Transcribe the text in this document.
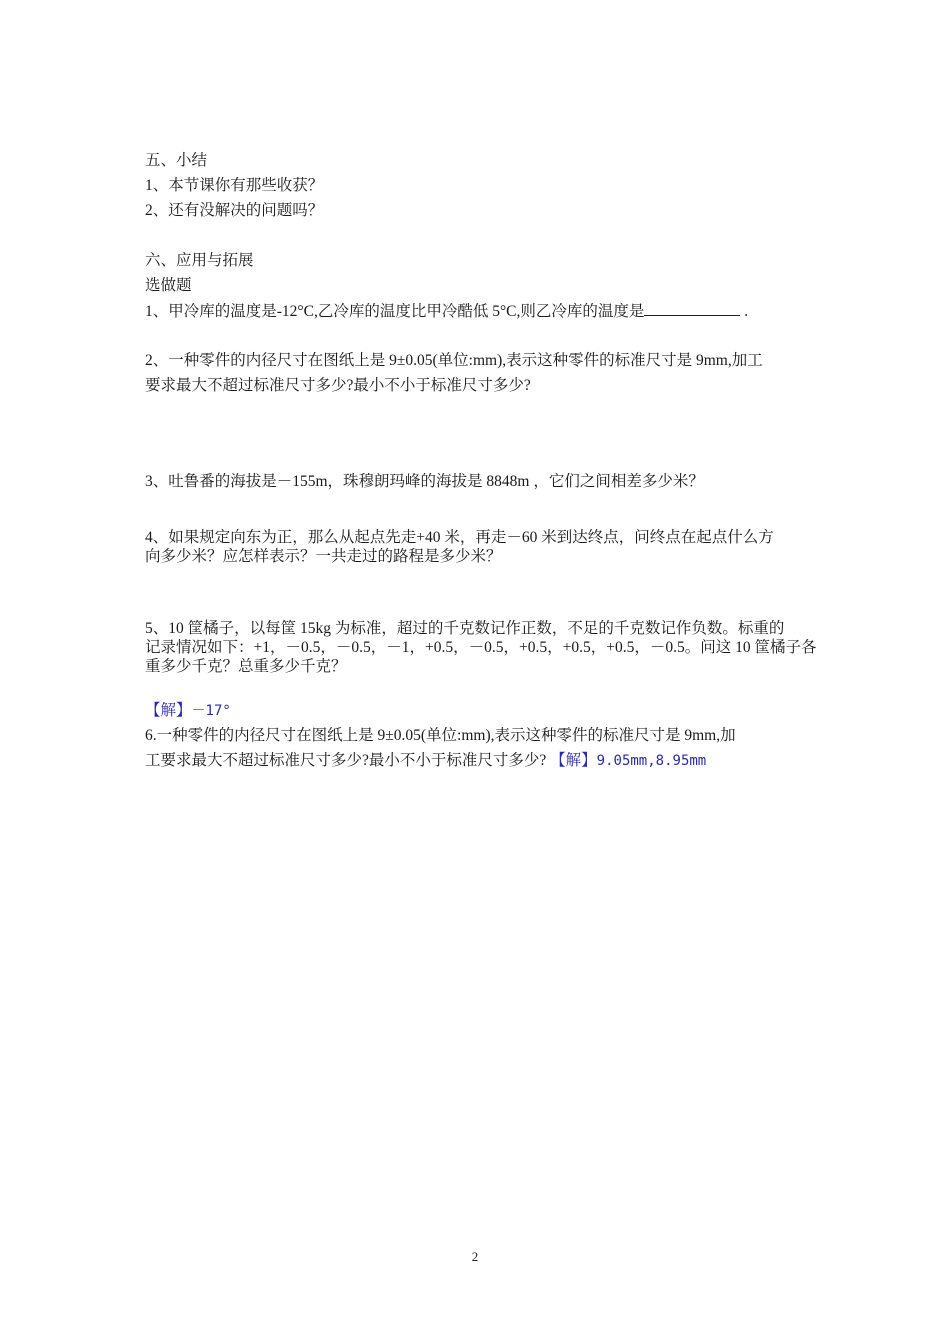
五、小结
1、本节课你有那些收获？
2、还有没解决的问题吗？
六、应用与拓展
选做题
1、甲冷库的温度是-12°C,乙冷库的温度比甲冷酷低 5°C,则乙冷库的温度是	.
2、一种零件的内径尺寸在图纸上是 9±0.05(单位:mm),表示这种零件的标准尺寸是 9mm,加工
要求最大不超过标准尺寸多少?最小不小于标准尺寸多少?
3、吐鲁番的海拔是－155m，珠穆朗玛峰的海拔是 8848m ，它们之间相差多少米？
4、如果规定向东为正，那么从起点先走+40 米，再走－60 米到达终点，问终点在起点什么方
向多少米？应怎样表示？一共走过的路程是多少米？
5、10 筐橘子，以每筐 15kg 为标准，超过的千克数记作正数，不足的千克数记作负数。标重的
记录情况如下：+1，－0.5，－0.5，－1，+0.5，－0.5，+0.5，+0.5，+0.5，－0.5。问这 10 筐橘子各
重多少千克？总重多少千克？
【解】－17°
6.一种零件的内径尺寸在图纸上是 9±0.05(单位:mm),表示这种零件的标准尺寸是 9mm,加
工要求最大不超过标准尺寸多少?最小不小于标准尺寸多少? 【解】9.05mm,8.95mm
2
